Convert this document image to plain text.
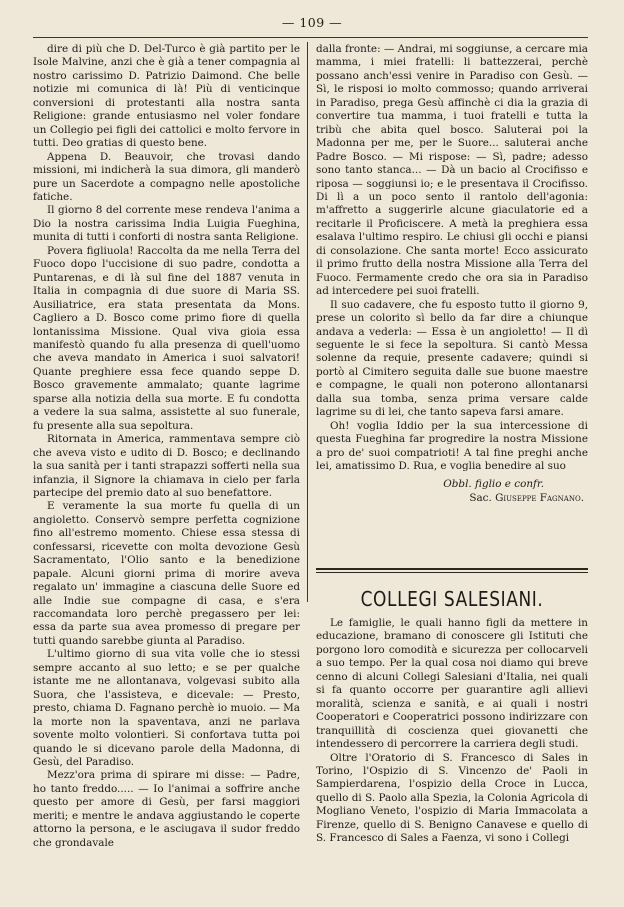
— 109 —

dire di più che D. Del-Turco è già partito per le Isole Malvine, anzi che è già a tener compagnia al nostro carissimo D. Patrizio Daimond. Che belle notizie mi comunica di là! Più di venticinque conversioni di protestanti alla nostra santa Religione: grande entusiasmo nel voler fondare un Collegio pei figli dei cattolici e molto fervore in tutti. Deo gratias di questo bene.

Appena D. Beauvoir, che trovasi dando missioni, mi indicherà la sua dimora, gli manderò pure un Sacerdote a compagno nelle apostoliche fatiche.

Il giorno 8 del corrente mese rendeva l'anima a Dio la nostra carissima India Luigia Fueghina, munita di tutti i conforti di nostra santa Religione.

Povera figliuola! Raccolta da me nella Terra del Fuoco dopo l'uccisione di suo padre, condotta a Puntarenas, e di là sul fine del 1887 venuta in Italia in compagnia di due suore di Maria SS. Ausiliatrice, era stata presentata da Mons. Cagliero a D. Bosco come primo fiore di quella lontanissima Missione. Qual viva gioia essa manifestò quando fu alla presenza di quell'uomo che aveva mandato in America i suoi salvatori! Quante preghiere essa fece quando seppe D. Bosco gravemente ammalato; quante lagrime sparse alla notizia della sua morte. E fu condotta a vedere la sua salma, assistette al suo funerale, fu presente alla sua sepoltura.

Ritornata in America, rammentava sempre ciò che aveva visto e udito di D. Bosco; e declinando la sua sanità per i tanti strapazzi sofferti nella sua infanzia, il Signore la chiamava in cielo per farla partecipe del premio dato al suo benefattore.

E veramente la sua morte fu quella di un angioletto. Conservò sempre perfetta cognizione fino all'estremo momento. Chiese essa stessa di confessarsi, ricevette con molta devozione Gesù Sacramentato, l'Olio santo e la benedizione papale. Alcuni giorni prima di morire aveva regalato un' immagine a ciascuna delle Suore ed alle Indie sue compagne di casa, e s'era raccomandata loro perchè pregassero per lei: essa da parte sua avea promesso di pregare per tutti quando sarebbe giunta al Paradiso.

L'ultimo giorno di sua vita volle che io stessi sempre accanto al suo letto; e se per qualche istante me ne allontanava, volgevasi subito alla Suora, che l'assisteva, e dicevale: — Presto, presto, chiama D. Fagnano perchè io muoio. — Ma la morte non la spaventava, anzi ne parlava sovente molto volontieri. Si confortava tutta poi quando le si dicevano parole della Madonna, di Gesù, del Paradiso.

Mezz'ora prima di spirare mi disse: — Padre, ho tanto freddo..... — Io l'animai a soffrire anche questo per amore di Gesù, per farsi maggiori meriti; e mentre le andava aggiustando le coperte attorno la persona, e le asciugava il sudor freddo che grondavale

dalla fronte: — Andrai, mi soggiunse, a cercare mia mamma, i miei fratelli: li battezzerai, perchè possano anch'essi venire in Paradiso con Gesù. — Sì, le risposi io molto commosso; quando arriverai in Paradiso, prega Gesù affinchè ci dia la grazia di convertire tua mamma, i tuoi fratelli e tutta la tribù che abita quel bosco. Saluterai poi la Madonna per me, per le Suore... saluterai anche Padre Bosco. — Mi rispose: — Sì, padre; adesso sono tanto stanca... — Dà un bacio al Crocifisso e riposa — soggiunsi io; e le presentava il Crocifisso. Di lì a un poco sento il rantolo dell'agonia: m'affretto a suggerirle alcune giaculatorie ed a recitarle il Proficiscere. A metà la preghiera essa esalava l'ultimo respiro. Le chiusi gli occhi e piansi di consolazione. Che santa morte! Ecco assicurato il primo frutto della nostra Missione alla Terra del Fuoco. Fermamente credo che ora sia in Paradiso ad intercedere pei suoi fratelli.

Il suo cadavere, che fu esposto tutto il giorno 9, prese un colorito sì bello da far dire a chiunque andava a vederla: — Essa è un angioletto! — Il dì seguente le si fece la sepoltura. Si cantò Messa solenne da requie, presente cadavere; quindi si portò al Cimitero seguita dalle sue buone maestre e compagne, le quali non poterono allontanarsi dalla sua tomba, senza prima versare calde lagrime su di lei, che tanto sapeva farsi amare.

Oh! voglia Iddio per la sua intercessione di questa Fueghina far progredire la nostra Missione a pro de' suoi compatrioti! A tal fine preghi anche lei, amatissimo D. Rua, e voglia benedire al suo

Obbl. figlio e confr.
Sac. Giuseppe Fagnano.
COLLEGI SALESIANI.

Le famiglie, le quali hanno figli da mettere in educazione, bramano di conoscere gli Istituti che porgono loro comodità e sicurezza per collocarveli a suo tempo. Per la qual cosa noi diamo qui breve cenno di alcuni Collegi Salesiani d'Italia, nei quali si fa quanto occorre per guarantire agli allievi moralità, scienza e sanità, e ai quali i nostri Cooperatori e Cooperatrici possono indirizzare con tranquillità di coscienza quei giovanetti che intendessero di percorrere la carriera degli studi.

Oltre l'Oratorio di S. Francesco di Sales in Torino, l'Ospizio di S. Vincenzo de' Paoli in Sampierdarena, l'ospizio della Croce in Lucca, quello di S. Paolo alla Spezia, la Colonia Agricola di Mogliano Veneto, l'ospizio di Maria Immacolata a Firenze, quello di S. Benigno Canavese e quello di S. Francesco di Sales a Faenza, vi sono i Collegi
